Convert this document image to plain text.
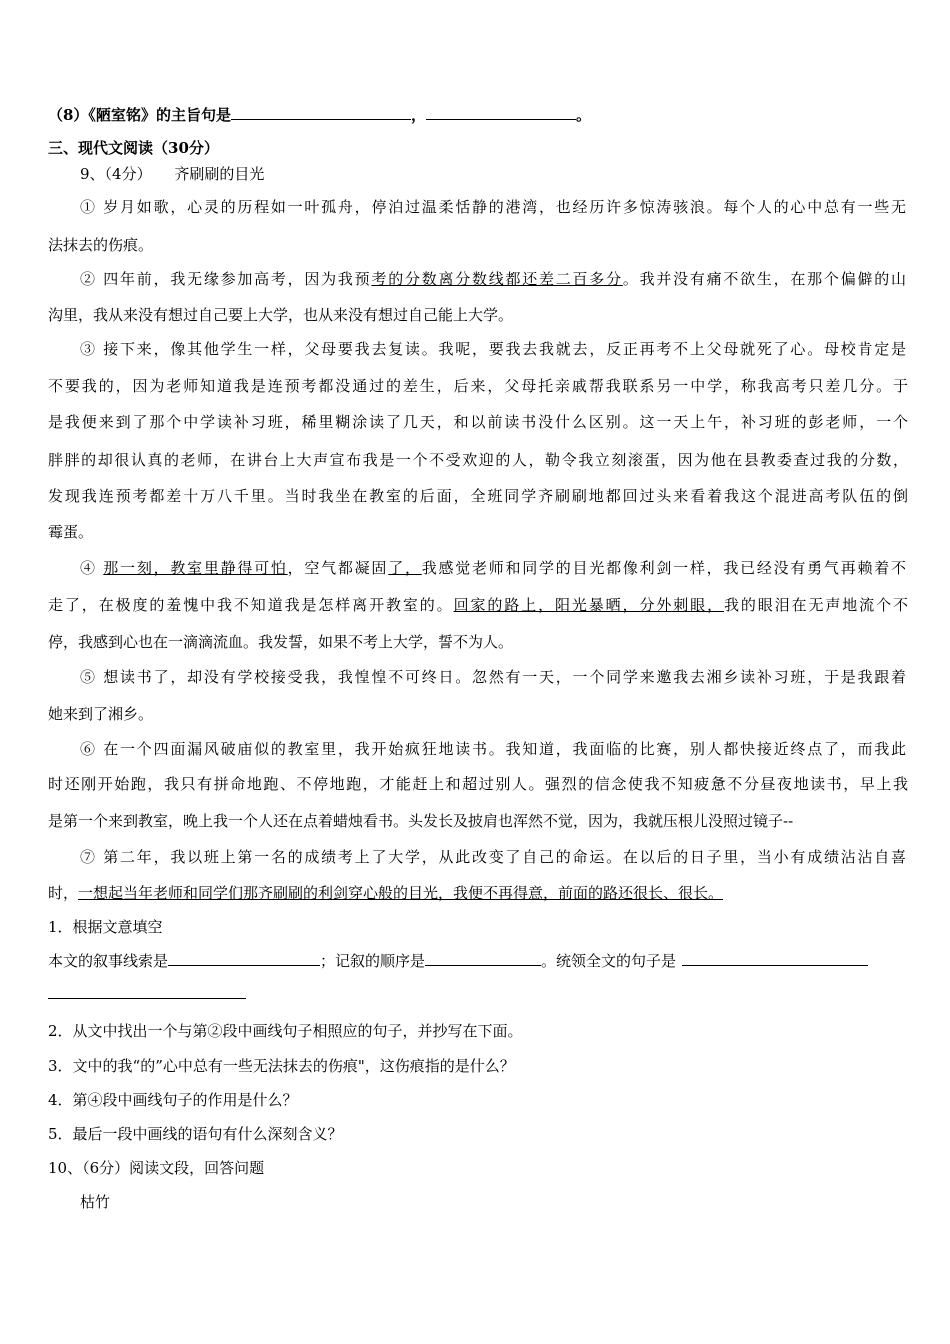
（8）《陋室铭》的主旨句是	，	。
三、现代文阅读（30分）
9、（4分） 齐刷刷的目光
① 岁月如歌，心灵的历程如一叶孤舟，停泊过温柔恬静的港湾，也经历许多惊涛骇浪。每个人的心中总有一些无
法抹去的伤痕。
② 四年前，我无缘参加高考，因为我预考的分数离分数线都还差二百多分。我并没有痛不欲生，在那个偏僻的山
沟里，我从来没有想过自己要上大学，也从来没有想过自己能上大学。
③ 接下来，像其他学生一样，父母要我去复读。我呢，要我去我就去，反正再考不上父母就死了心。母校肯定是
不要我的，因为老师知道我是连预考都没通过的差生，后来，父母托亲戚帮我联系另一中学，称我高考只差几分。于
是我便来到了那个中学读补习班，稀里糊涂读了几天，和以前读书没什么区别。这一天上午，补习班的彭老师，一个
胖胖的却很认真的老师，在讲台上大声宣布我是一个不受欢迎的人，勒令我立刻滚蛋，因为他在县教委查过我的分数，
发现我连预考都差十万八千里。当时我坐在教室的后面，全班同学齐刷刷地都回过头来看着我这个混进高考队伍的倒
霉蛋。
④ 那一刻，教室里静得可怕，空气都凝固了，我感觉老师和同学的目光都像利剑一样，我已经没有勇气再赖着不
走了，在极度的羞愧中我不知道我是怎样离开教室的。回家的路上，阳光暴晒，分外刺眼，我的眼泪在无声地流个不
停，我感到心也在一滴滴流血。我发誓，如果不考上大学，誓不为人。
⑤ 想读书了，却没有学校接受我，我惶惶不可终日。忽然有一天，一个同学来邀我去湘乡读补习班，于是我跟着
她来到了湘乡。
⑥ 在一个四面漏风破庙似的教室里，我开始疯狂地读书。我知道，我面临的比赛，别人都快接近终点了，而我此
时还刚开始跑，我只有拼命地跑、不停地跑，才能赶上和超过别人。强烈的信念使我不知疲惫不分昼夜地读书，早上我
是第一个来到教室，晚上我一个人还在点着蜡烛看书。头发长及披肩也浑然不觉，因为，我就压根儿没照过镜子--
⑦ 第二年，我以班上第一名的成绩考上了大学，从此改变了自己的命运。在以后的日子里，当小有成绩沾沾自喜
时，一想起当年老师和同学们那齐刷刷的利剑穿心般的目光，我便不再得意，前面的路还很长、很长。
1．根据文意填空
本文的叙事线索是	；记叙的顺序是	。统领全文的句子是
2．从文中找出一个与第②段中画线句子相照应的句子，并抄写在下面。
3．文中的我“的”心中总有一些无法抹去的伤痕"，这伤痕指的是什么？
4．第④段中画线句子的作用是什么？
5．最后一段中画线的语句有什么深刻含义？
10、（6分）阅读文段，回答问题
枯竹
